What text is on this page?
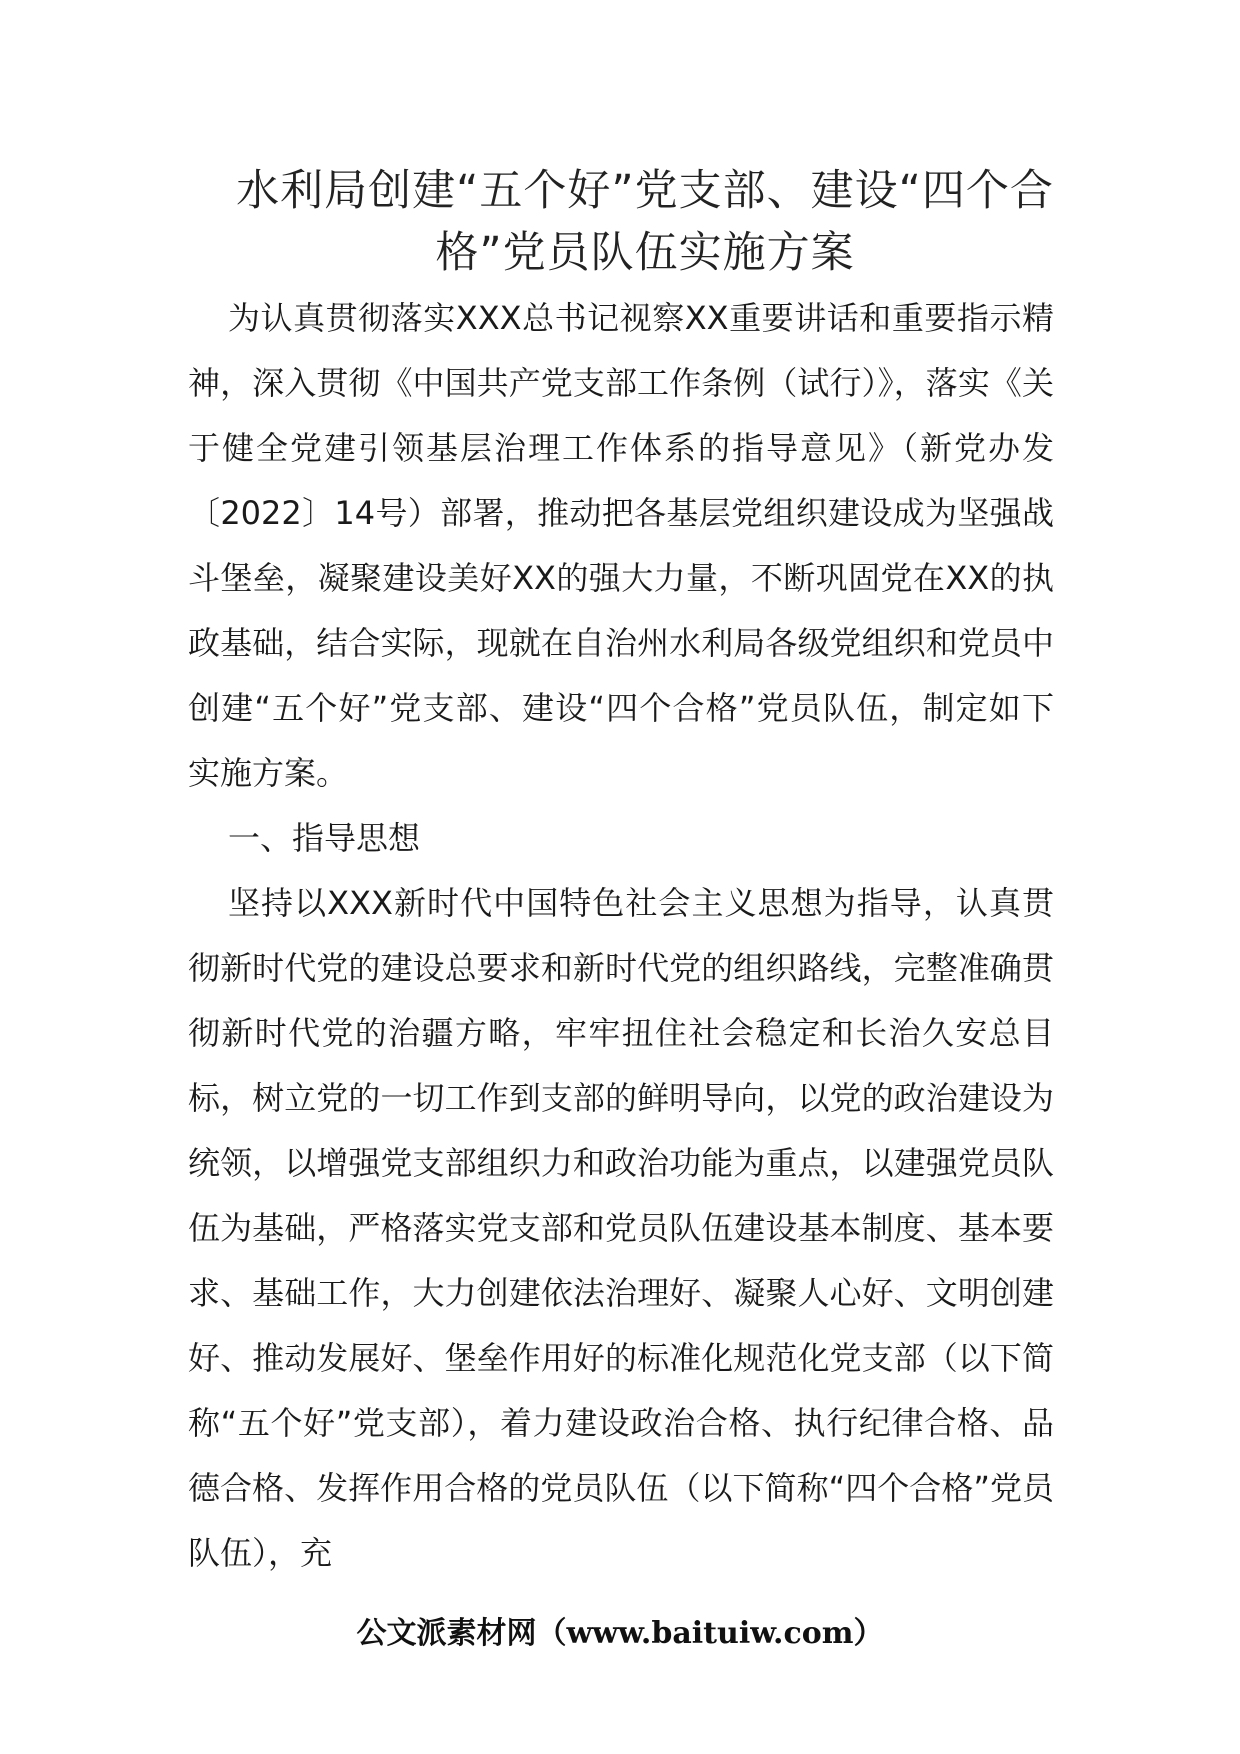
水利局创建“五个好”党支部、建设“四个合格”党员队伍实施方案

为认真贯彻落实XXX总书记视察XX重要讲话和重要指示精神，深入贯彻《中国共产党支部工作条例（试行）》，落实《关于健全党建引领基层治理工作体系的指导意见》（新党办发〔2022〕14号）部署，推动把各基层党组织建设成为坚强战斗堡垒，凝聚建设美好XX的强大力量，不断巩固党在XX的执政基础，结合实际，现就在自治州水利局各级党组织和党员中创建“五个好”党支部、建设“四个合格”党员队伍，制定如下实施方案。

一、指导思想

坚持以XXX新时代中国特色社会主义思想为指导，认真贯彻新时代党的建设总要求和新时代党的组织路线，完整准确贯彻新时代党的治疆方略，牢牢扭住社会稳定和长治久安总目标，树立党的一切工作到支部的鲜明导向，以党的政治建设为统领，以增强党支部组织力和政治功能为重点，以建强党员队伍为基础，严格落实党支部和党员队伍建设基本制度、基本要求、基础工作，大力创建依法治理好、凝聚人心好、文明创建好、推动发展好、堡垒作用好的标准化规范化党支部（以下简称“五个好”党支部），着力建设政治合格、执行纪律合格、品德合格、发挥作用合格的党员队伍（以下简称“四个合格”党员队伍），充

公文派素材网（www.baituiw.com）
